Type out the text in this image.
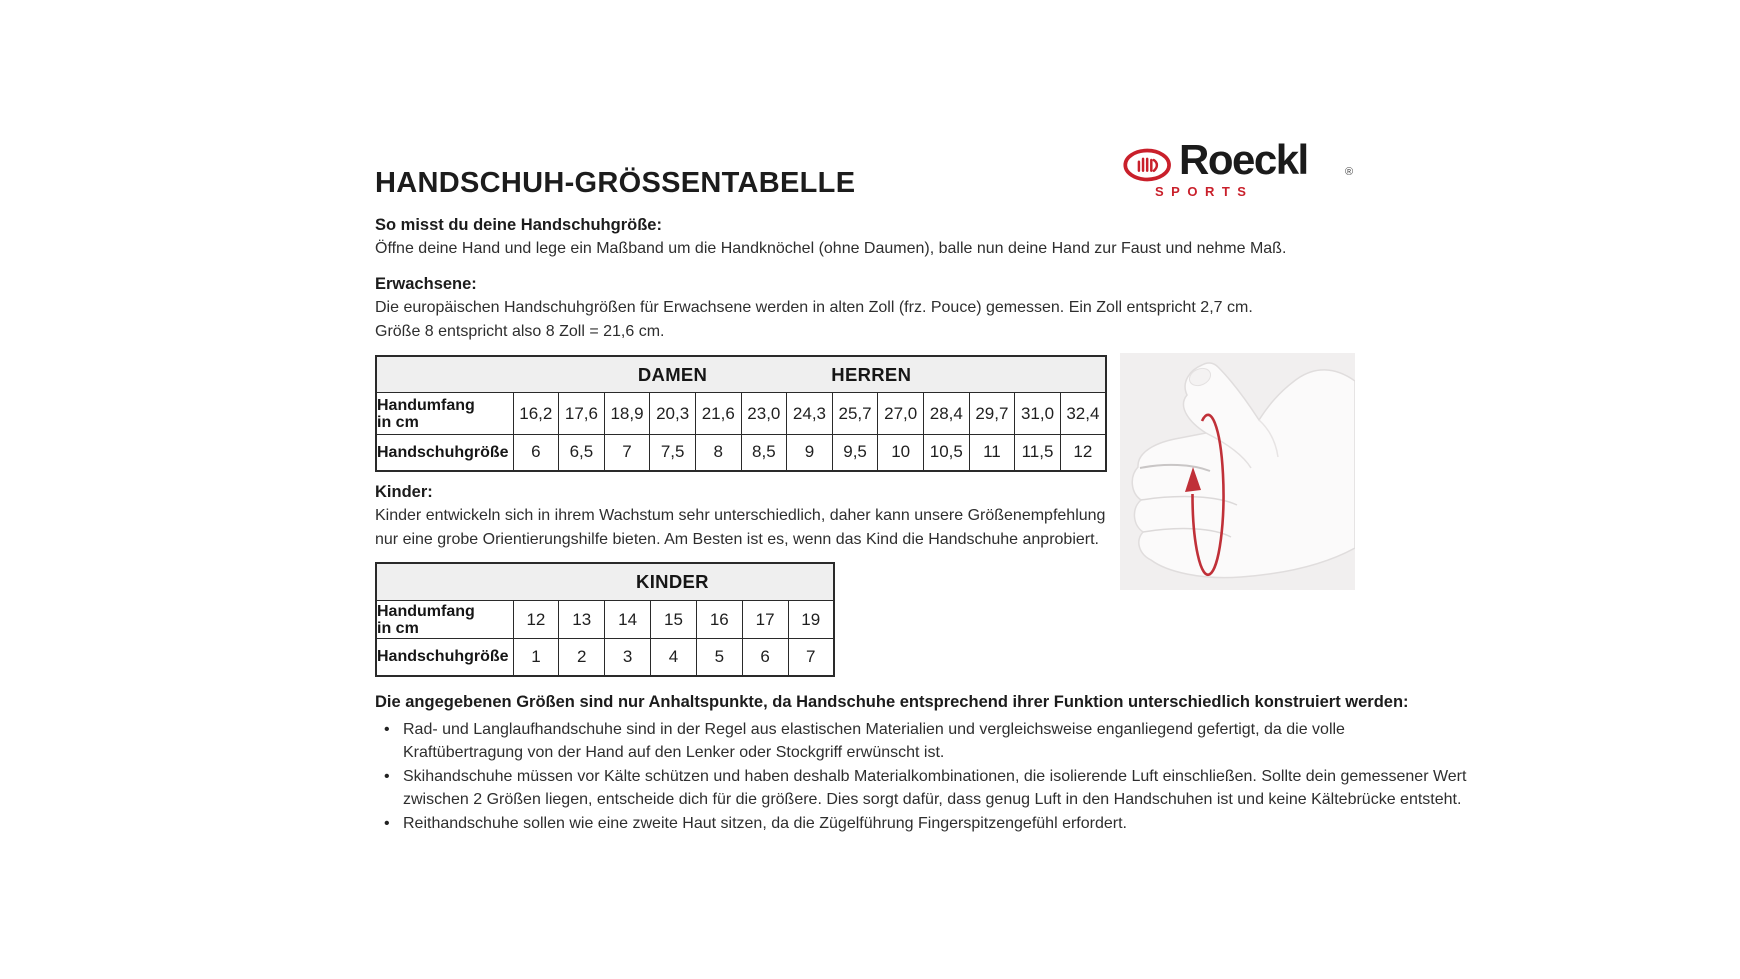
HANDSCHUH-GRÖSSENTABELLE	Roeckl	®
SPORTS
So misst du deine Handschuhgröße:
Öffne deine Hand und lege ein Maßband um die Handknöchel (ohne Daumen), balle nun deine Hand zur Faust und nehme Maß.
Erwachsene:
Die europäischen Handschuhgrößen für Erwachsene werden in alten Zoll (frz. Pouce) gemessen. Ein Zoll entspricht 2,7 cm.
Größe 8 entspricht also 8 Zoll = 21,6 cm.
DAMEN HERREN													

Handumfang
in cm	16,2	17,6	18,9	20,3	21,6	23,0	24,3	25,7	27,0	28,4	29,7	31,0	32,4

Handschuhgröße	6	6,5	7	7,5	8	8,5	9	9,5	10	10,5	11	11,5	12
Kinder:
Kinder entwickeln sich in ihrem Wachstum sehr unterschiedlich, daher kann unsere Größenempfehlung
nur eine grobe Orientierungshilfe bieten. Am Besten ist es, wenn das Kind die Handschuhe anprobiert.
KINDER							

Handumfang
in cm	12	13	14	15	16	17	19

Handschuhgröße	1	2	3	4	5	6	7
Die angegebenen Größen sind nur Anhaltspunkte, da Handschuhe entsprechend ihrer Funktion unterschiedlich konstruiert werden:
• Rad- und Langlaufhandschuhe sind in der Regel aus elastischen Materialien und vergleichsweise enganliegend gefertigt, da die volle
Kraftübertragung von der Hand auf den Lenker oder Stockgriff erwünscht ist.
• Skihandschuhe müssen vor Kälte schützen und haben deshalb Materialkombinationen, die isolierende Luft einschließen. Sollte dein gemessener Wert
zwischen 2 Größen liegen, entscheide dich für die größere. Dies sorgt dafür, dass genug Luft in den Handschuhen ist und keine Kältebrücke entsteht.
• Reithandschuhe sollen wie eine zweite Haut sitzen, da die Zügelführung Fingerspitzengefühl erfordert.
